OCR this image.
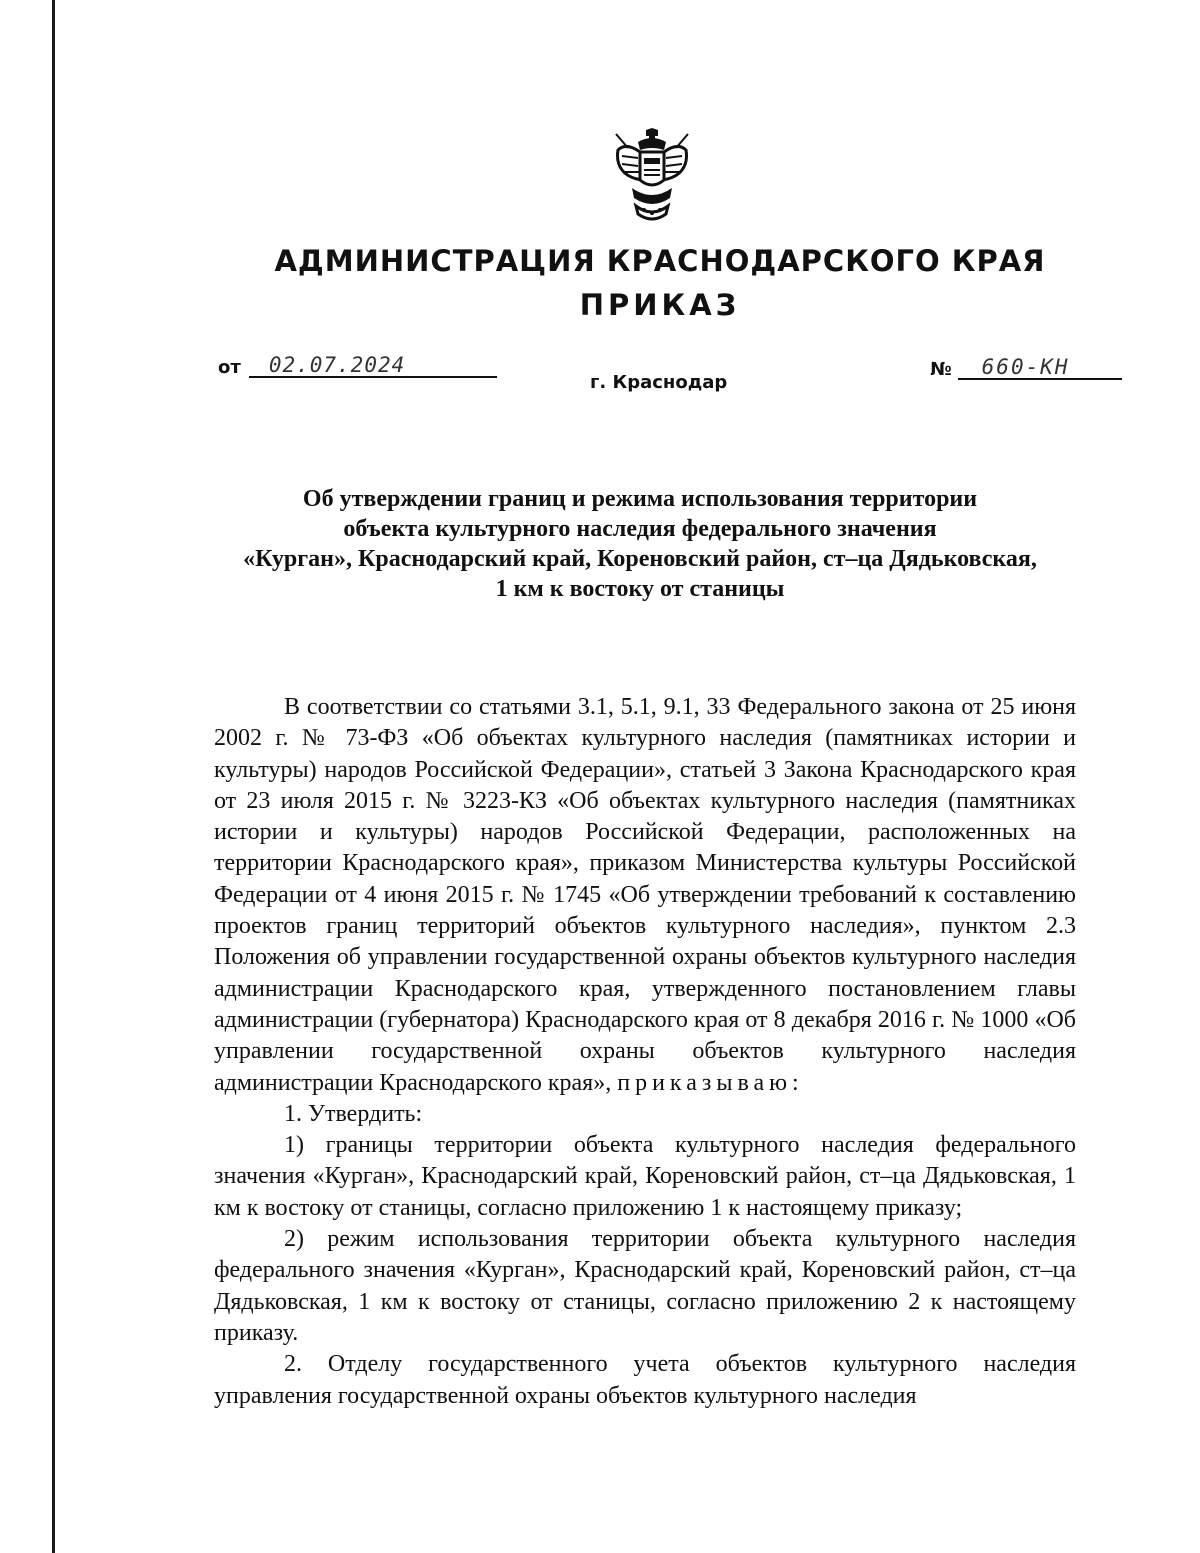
АДМИНИСТРАЦИЯ КРАСНОДАРСКОГО КРАЯ
ПРИКАЗ
от	02.07.2024	№	660-КН
г. Краснодар
Об утверждении границ и режима использования территории
объекта культурного наследия федерального значения
«Курган», Краснодарский край, Кореновский район, ст–ца Дядьковская,
1 км к востоку от станицы

В соответствии со статьями 3.1, 5.1, 9.1, 33 Федерального закона от 25 июня 2002 г. № 73-ФЗ «Об объектах культурного наследия (памятниках истории и культуры) народов Российской Федерации», статьей 3 Закона Краснодарского края от 23 июля 2015 г. № 3223-КЗ «Об объектах культурного наследия (памятниках истории и культуры) народов Российской Федерации, расположенных на территории Краснодарского края», приказом Министерства культуры Российской Федерации от 4 июня 2015 г. № 1745 «Об утверждении требований к составлению проектов границ территорий объектов культурного наследия», пунктом 2.3 Положения об управлении государственной охраны объектов культурного наследия администрации Краснодарского края, утвержденного постановлением главы администрации (губернатора) Краснодарского края от 8 декабря 2016 г. № 1000 «Об управлении государственной охраны объектов культурного наследия администрации Краснодарского края», приказываю:

1. Утвердить:

1) границы территории объекта культурного наследия федерального значения «Курган», Краснодарский край, Кореновский район, ст–ца Дядьковская, 1 км к востоку от станицы, согласно приложению 1 к настоящему приказу;

2) режим использования территории объекта культурного наследия федерального значения «Курган», Краснодарский край, Кореновский район, ст–ца Дядьковская, 1 км к востоку от станицы, согласно приложению 2 к настоящему приказу.

2. Отделу государственного учета объектов культурного наследия управления государственной охраны объектов культурного наследия
